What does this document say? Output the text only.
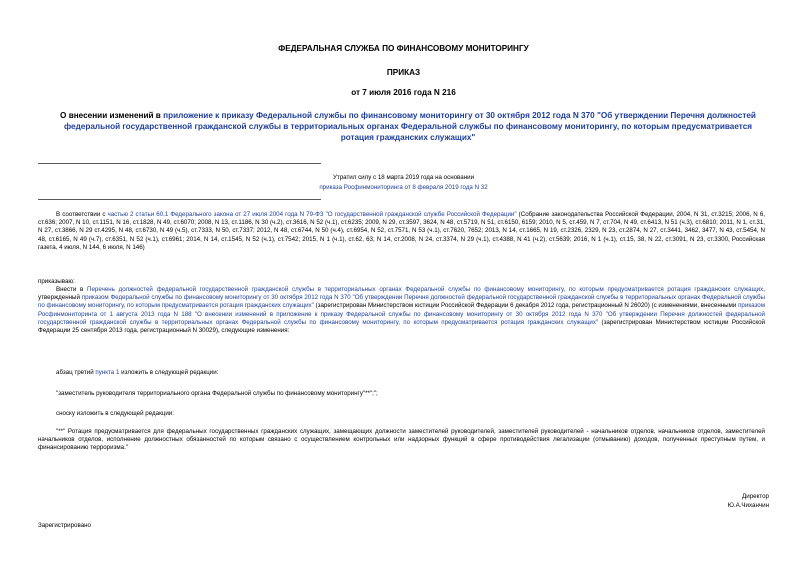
ФЕДЕРАЛЬНАЯ СЛУЖБА ПО ФИНАНСОВОМУ МОНИТОРИНГУ
ПРИКАЗ
от 7 июля 2016 года N 216
О внесении изменений в приложение к приказу Федеральной службы по финансовому мониторингу от 30 октября 2012 года N 370 "Об утверждении Перечня должностей федеральной государственной гражданской службы в территориальных органах Федеральной службы по финансовому мониторингу, по которым предусматривается ротация гражданских служащих"
Утратил силу с 18 марта 2019 года на основании
приказа Росфинмониторинга от 8 февраля 2019 года N 32
В соответствии с частью 2 статьи 60.1 Федерального закона от 27 июля 2004 года N 79-ФЗ "О государственной гражданской службе Российской Федерации" (Собрание законодательства Российской Федерации, 2004, N 31, ст.3215; 2006, N 6, ст.636; 2007, N 10, ст.1151, N 16, ст.1828, N 49, ст.6070; 2008, N 13, ст.1186, N 30 (ч.2), ст.3616, N 52 (ч.1), ст.6235; 2009, N 29, ст.3597, 3624, N 48, ст.5719, N 51, ст.6150, 6159; 2010, N 5, ст.459, N 7, ст.704, N 49, ст.6413, N 51 (ч.3), ст.6810; 2011, N 1, ст.31, N 27, ст.3866, N 29 ст.4295, N 48, ст.6730, N 49 (ч.5), ст.7333, N 50, ст.7337; 2012, N 48, ст.6744, N 50 (ч.4), ст.6954, N 52, ст.7571, N 53 (ч.1), ст.7620, 7652; 2013, N 14, ст.1665, N 19, ст.2326, 2329, N 23, ст.2874, N 27, ст.3441, 3462, 3477, N 43, ст.5454, N 48, ст.6165, N 49 (ч.7), ст.6351, N 52 (ч.1), ст.6961; 2014, N 14, ст.1545, N 52 (ч.1), ст.7542; 2015, N 1 (ч.1), ст.62, 63; N 14, ст.2008, N 24, ст.3374, N 29 (ч.1), ст.4388, N 41 (ч.2), ст.5639; 2016, N 1 (ч.1), ст.15, 38, N 22, ст.3091, N 23, ст.3300, Российская газета, 4 июля, N 144, 6 июля, N 146)
приказываю:
Внести в Перечень должностей федеральной государственной гражданской службы в территориальных органах Федеральной службы по финансовому мониторингу, по которым предусматривается ротация гражданских служащих, утвержденный приказом Федеральной службы по финансовому мониторингу от 30 октября 2012 года N 370 "Об утверждении Перечня должностей федеральной государственной гражданской службы в территориальных органах Федеральной службы по финансовому мониторингу, по которым предусматривается ротация гражданских служащих" (зарегистрирован Министерством юстиции Российской Федерации 6 декабря 2012 года, регистрационный N 26020) (с изменениями, внесенными приказом Росфинмониторинга от 1 августа 2013 года N 188 "О внесении изменений в приложение к приказу Федеральной службы по финансовому мониторингу от 30 октября 2012 года N 370 "Об утверждении Перечня должностей федеральной государственной гражданской службы в территориальных органах Федеральной службы по финансовому мониторингу, по которым предусматривается ротация гражданских служащих" (зарегистрирован Министерством юстиции Российской Федерации 25 сентября 2013 года, регистрационный N 30029), следующие изменения:
абзац третий пункта 1 изложить в следующей редакции:
"заместитель руководителя территориального органа Федеральной службы по финансовому мониторингу"**";";
сноску изложить в следующей редакции:
"**" Ротация предусматривается для федеральных государственных гражданских служащих, замещающих должности заместителей руководителей, заместителей руководителей - начальников отделов, начальников отделов, заместителей начальников отделов, исполнение должностных обязанностей по которым связано с осуществлением контрольных или надзорных функций в сфере противодействия легализации (отмыванию) доходов, полученных преступным путем, и финансированию терроризма."
Директор
Ю.А.Чиханчин
Зарегистрировано
